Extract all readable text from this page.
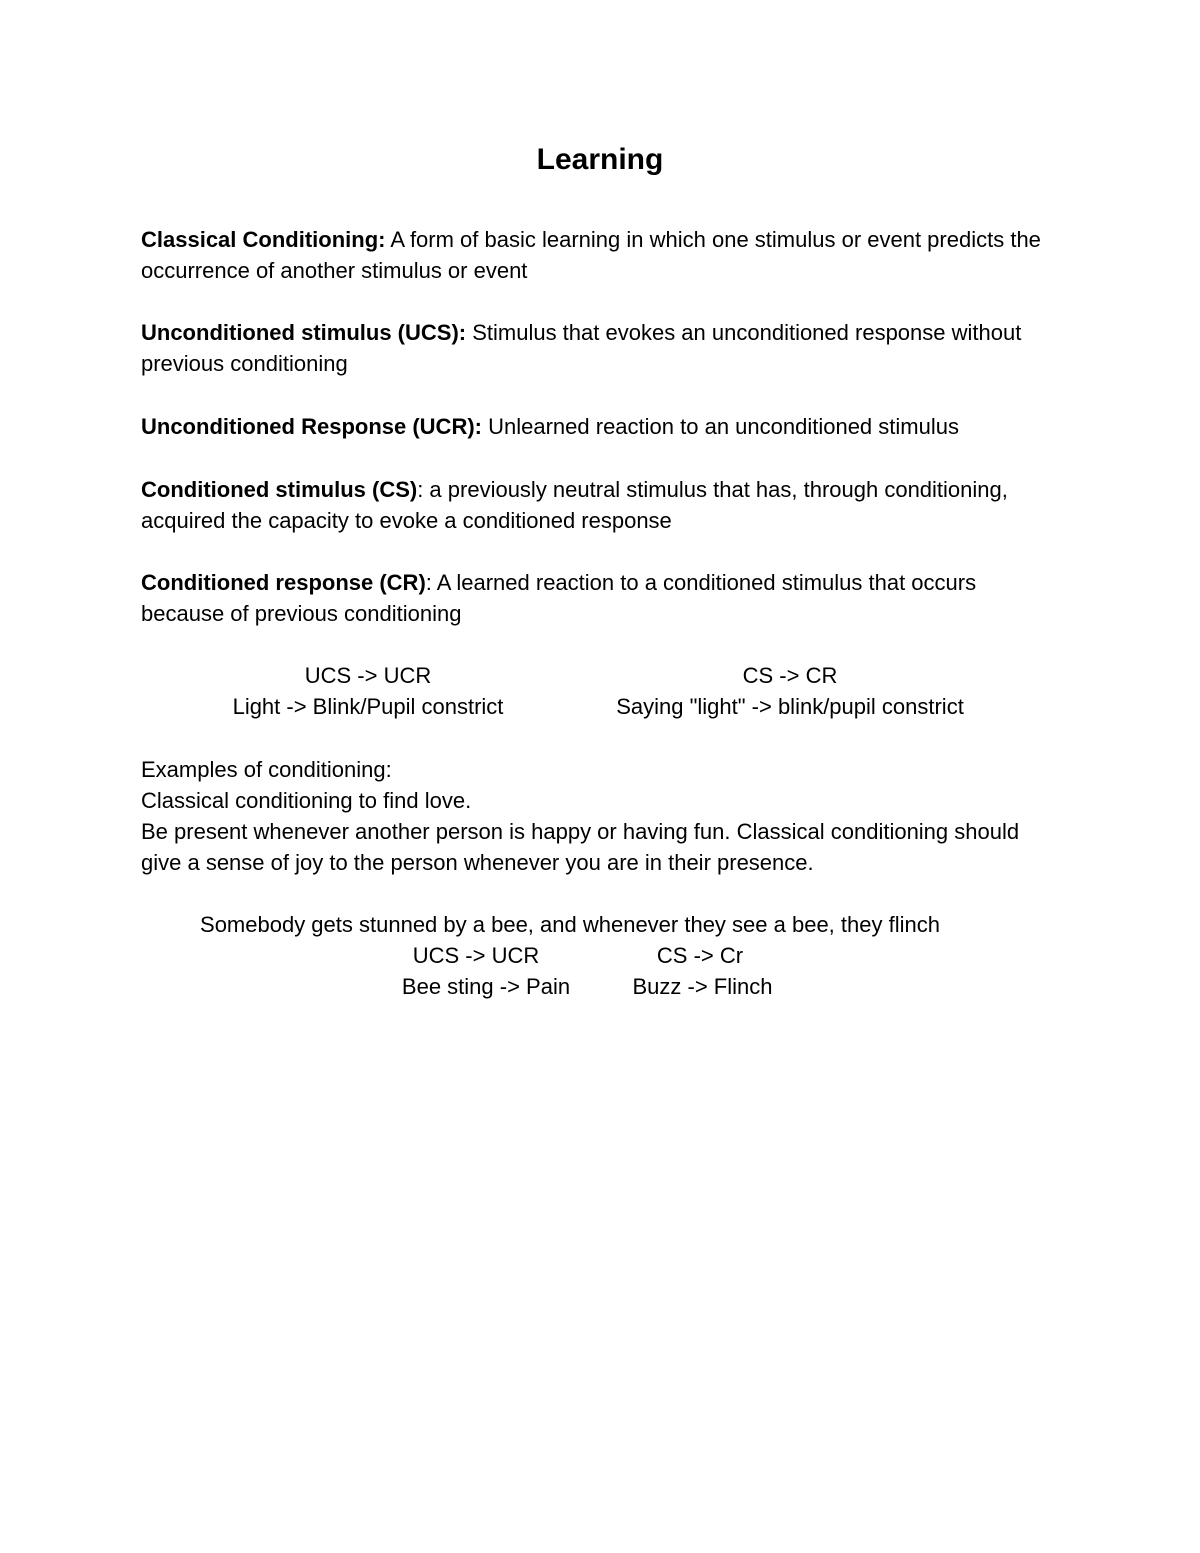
Learning
Classical Conditioning: A form of basic learning in which one stimulus or event predicts the occurrence of another stimulus or event
Unconditioned stimulus (UCS): Stimulus that evokes an unconditioned response without previous conditioning
Unconditioned Response (UCR): Unlearned reaction to an unconditioned stimulus
Conditioned stimulus (CS): a previously neutral stimulus that has, through conditioning, acquired the capacity to evoke a conditioned response
Conditioned response (CR): A learned reaction to a conditioned stimulus that occurs because of previous conditioning
UCS -> UCR
Light -> Blink/Pupil constrict
CS -> CR
Saying "light" -> blink/pupil constrict
Examples of conditioning:
Classical conditioning to find love.
Be present whenever another person is happy or having fun. Classical conditioning should give a sense of joy to the person whenever you are in their presence.
Somebody gets stunned by a bee, and whenever they see a bee, they flinch
UCS -> UCR
Bee sting -> Pain
CS -> Cr
Buzz -> Flinch
